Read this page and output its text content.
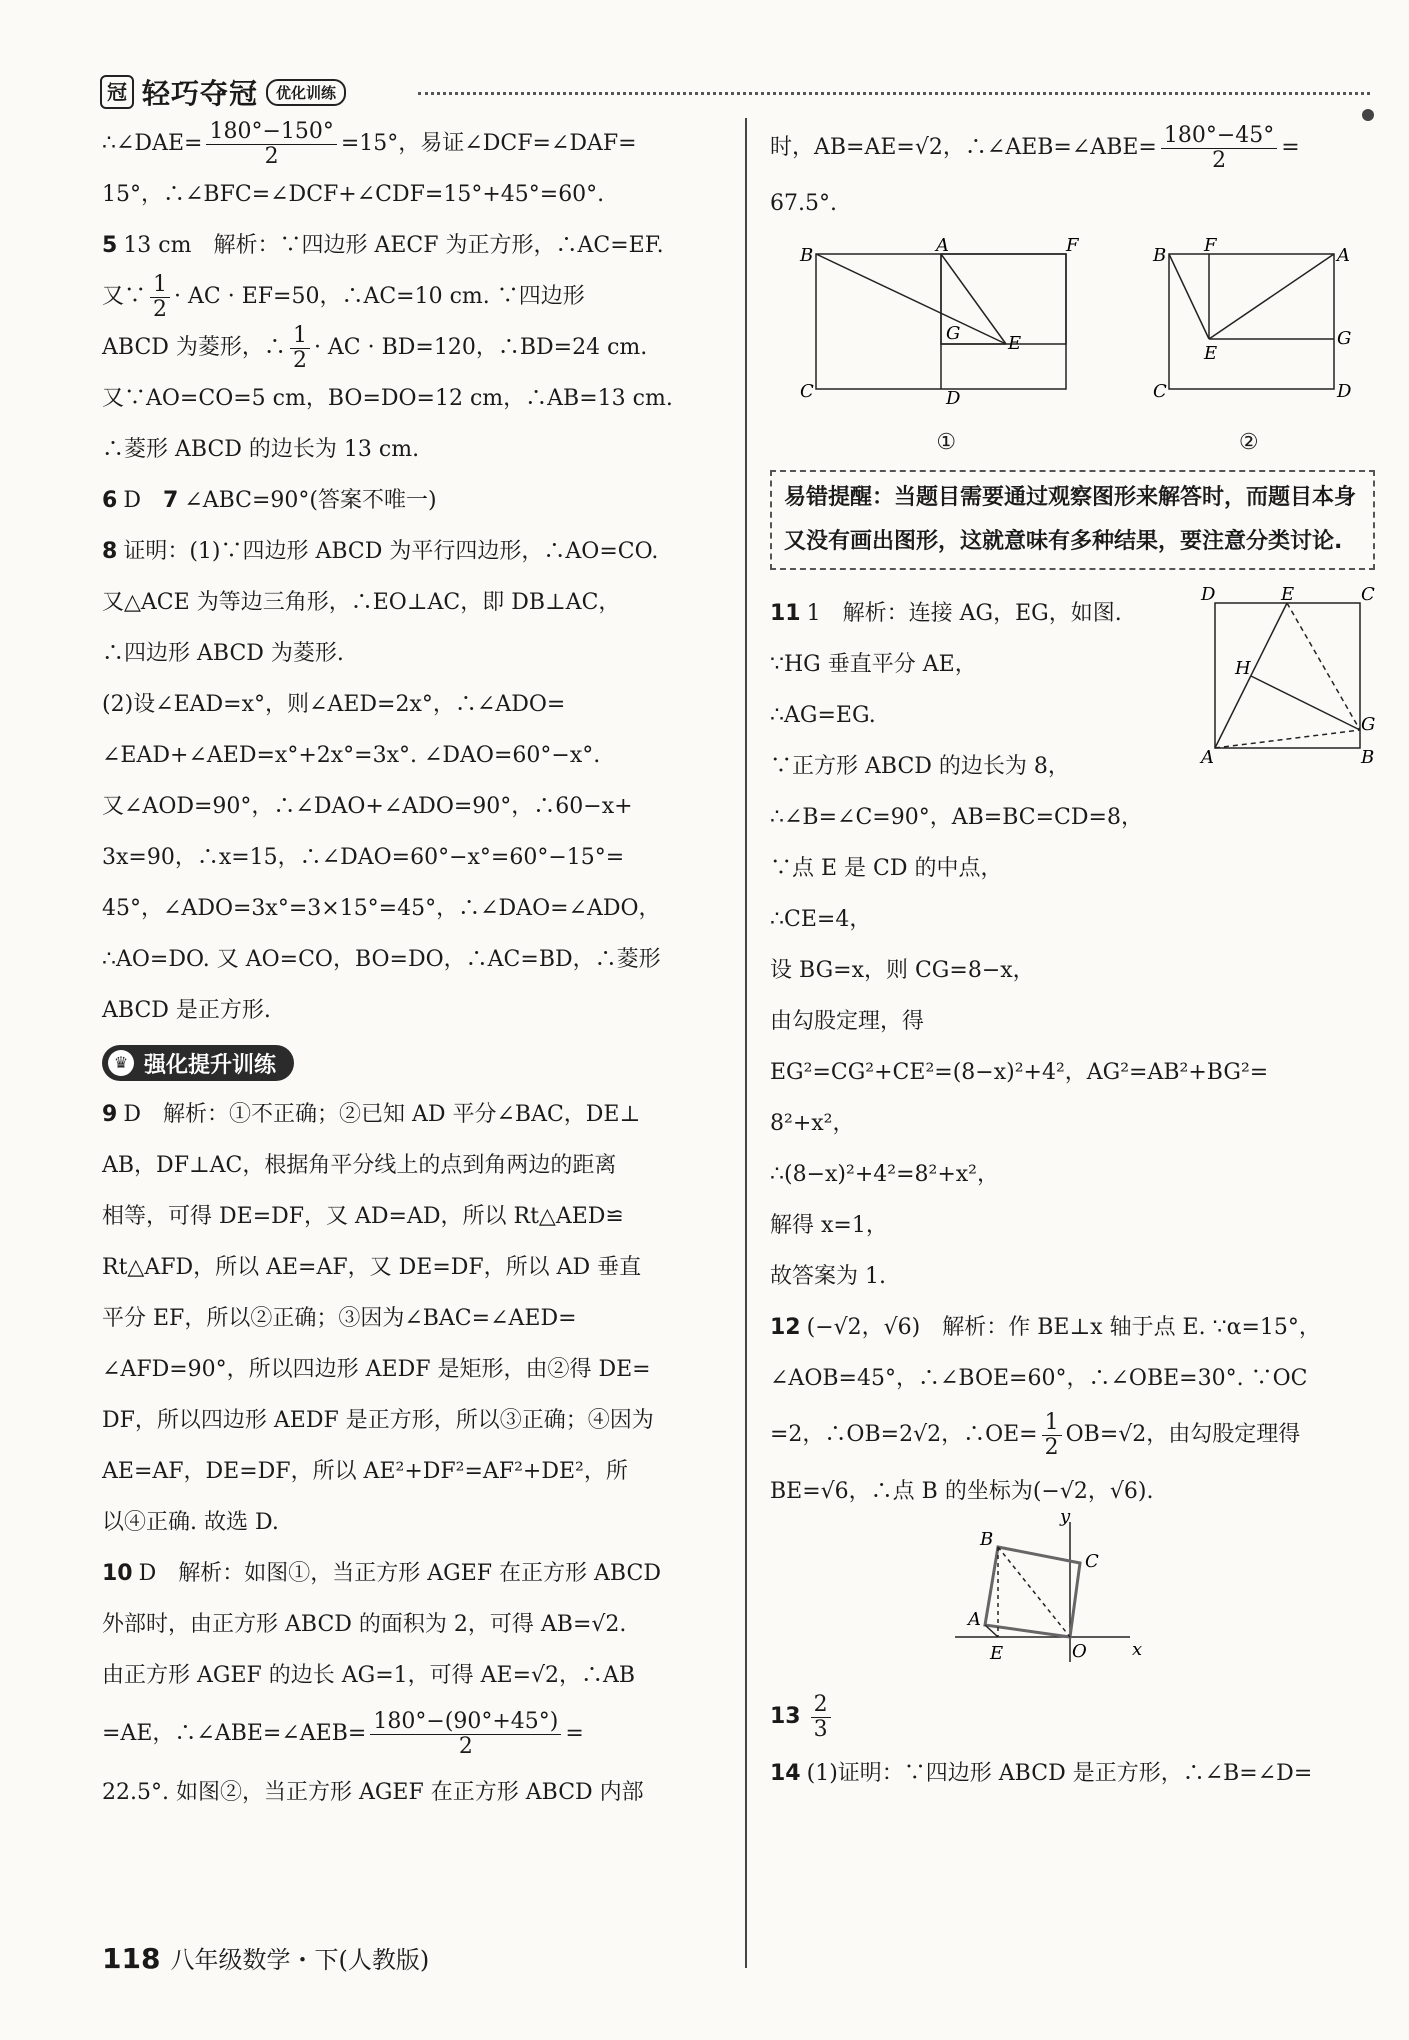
冠 轻巧夺冠	优化训练

∴∠DAE= $\frac{180^\circ-150^\circ}{2} =15^\circ$，易证∠DCF=∠DAF=

15°，∴∠BFC=∠DCF+∠CDF=15°+45°=60°.

5 13 cm　解析：∵四边形 AECF 为正方形，∴AC=EF.

又∵ $\frac{1}{2}$ · AC · EF=50，∴AC=10 cm. ∵四边形

ABCD 为菱形，∴ $\frac{1}{2}$ · AC · BD=120，∴BD=24 cm.

又∵AO=CO=5 cm，BO=DO=12 cm，∴AB=13 cm.

∴菱形 ABCD 的边长为 13 cm.

6 D　7 ∠ABC=90°(答案不唯一)

8 证明：(1)∵四边形 ABCD 为平行四边形，∴AO=CO.

又△ACE 为等边三角形，∴EO⊥AC，即 DB⊥AC，

∴四边形 ABCD 为菱形.

(2)设∠EAD=x°，则∠AED=2x°，∴∠ADO=

∠EAD+∠AED=x°+2x°=3x°. ∠DAO=60°−x°.

又∠AOD=90°，∴∠DAO+∠ADO=90°，∴60−x+

3x=90，∴x=15，∴∠DAO=60°−x°=60°−15°=

45°，∠ADO=3x°=3×15°=45°，∴∠DAO=∠ADO，

∴AO=DO. 又 AO=CO，BO=DO，∴AC=BD，∴菱形

ABCD 是正方形.

♛ 强化提升训练

9 D　解析：①不正确；②已知 AD 平分∠BAC，DE⊥

AB，DF⊥AC，根据角平分线上的点到角两边的距离

相等，可得 DE=DF，又 AD=AD，所以 Rt△AED≌

Rt△AFD，所以 AE=AF，又 DE=DF，所以 AD 垂直

平分 EF，所以②正确；③因为∠BAC=∠AED=

∠AFD=90°，所以四边形 AEDF 是矩形，由②得 DE=

DF，所以四边形 AEDF 是正方形，所以③正确；④因为

AE=AF，DE=DF，所以 AE²+DF²=AF²+DE²，所

以④正确. 故选 D.

10 D　解析：如图①，当正方形 AGEF 在正方形 ABCD

外部时，由正方形 ABCD 的面积为 2，可得 AB=√2.

由正方形 AGEF 的边长 AG=1，可得 AE=√2，∴AB

=AE，∴∠ABE=∠AEB= $\frac{180^\circ-(90^\circ+45^\circ)}{2}$ =

22.5°. 如图②，当正方形 AGEF 在正方形 ABCD 内部

时，AB=AE=√2，∴∠AEB=∠ABE= $\frac{180^\circ-45^\circ}{2}$ =

67.5°.

B	A	F
G	E
C	D
①
B F	A
E
G
C	D
②
易错提醒：当题目需要通过观察图形来解答时，而题目本身又没有画出图形，这就意味有多种结果，要注意分类讨论.

11 1　解析：连接 AG，EG，如图.

∵HG 垂直平分 AE，

∴AG=EG.

∵正方形 ABCD 的边长为 8，

∴∠B=∠C=90°，AB=BC=CD=8，

∵点 E 是 CD 的中点，

∴CE=4，

设 BG=x，则 CG=8−x，

由勾股定理，得

D	E	C
H
G
A	B

EG²=CG²+CE²=(8−x)²+4²，AG²=AB²+BG²=

8²+x²，

∴(8−x)²+4²=8²+x²，

解得 x=1，

故答案为 1.

12 (−√2，√6)　解析：作 BE⊥x 轴于点 E. ∵α=15°，

∠AOB=45°，∴∠BOE=60°，∴∠OBE=30°. ∵OC

=2，∴OB=2√2，∴OE= $\frac{1}{2} OB=√2$，由勾股定理得

BE=√6，∴点 B 的坐标为(−√2，√6).

B
C
A
y
E	O	x

$13 \frac{2}{3}$

14 (1)证明：∵四边形 ABCD 是正方形，∴∠B=∠D=

118 八年级数学・下(人教版)
